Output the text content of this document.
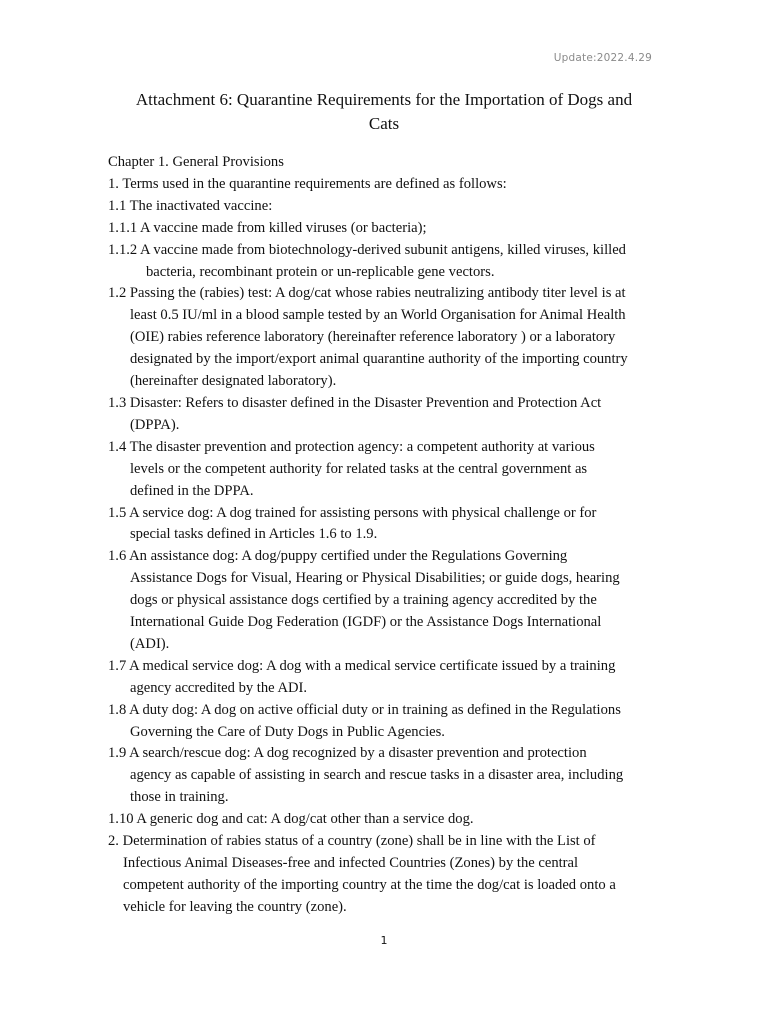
Update:2022.4.29
Attachment 6: Quarantine Requirements for the Importation of Dogs and
Cats

Chapter 1. General Provisions

1. Terms used in the quarantine requirements are defined as follows:

1.1 The inactivated vaccine:

1.1.1 A vaccine made from killed viruses (or bacteria);

1.1.2 A vaccine made from biotechnology-derived subunit antigens, killed viruses, killed

bacteria, recombinant protein or un-replicable gene vectors.

1.2 Passing the (rabies) test: A dog/cat whose rabies neutralizing antibody titer level is at

least 0.5 IU/ml in a blood sample tested by an World Organisation for Animal Health

(OIE) rabies reference laboratory (hereinafter reference laboratory ) or a laboratory

designated by the import/export animal quarantine authority of the importing country

(hereinafter designated laboratory).

1.3 Disaster: Refers to disaster defined in the Disaster Prevention and Protection Act

(DPPA).

1.4 The disaster prevention and protection agency: a competent authority at various

levels or the competent authority for related tasks at the central government as

defined in the DPPA.

1.5 A service dog: A dog trained for assisting persons with physical challenge or for

special tasks defined in Articles 1.6 to 1.9.

1.6 An assistance dog: A dog/puppy certified under the Regulations Governing

Assistance Dogs for Visual, Hearing or Physical Disabilities; or guide dogs, hearing

dogs or physical assistance dogs certified by a training agency accredited by the

International Guide Dog Federation (IGDF) or the Assistance Dogs International

(ADI).

1.7 A medical service dog: A dog with a medical service certificate issued by a training

agency accredited by the ADI.

1.8 A duty dog: A dog on active official duty or in training as defined in the Regulations

Governing the Care of Duty Dogs in Public Agencies.

1.9 A search/rescue dog: A dog recognized by a disaster prevention and protection

agency as capable of assisting in search and rescue tasks in a disaster area, including

those in training.

1.10 A generic dog and cat: A dog/cat other than a service dog.

2. Determination of rabies status of a country (zone) shall be in line with the List of

Infectious Animal Diseases-free and infected Countries (Zones) by the central

competent authority of the importing country at the time the dog/cat is loaded onto a

vehicle for leaving the country (zone).

1
